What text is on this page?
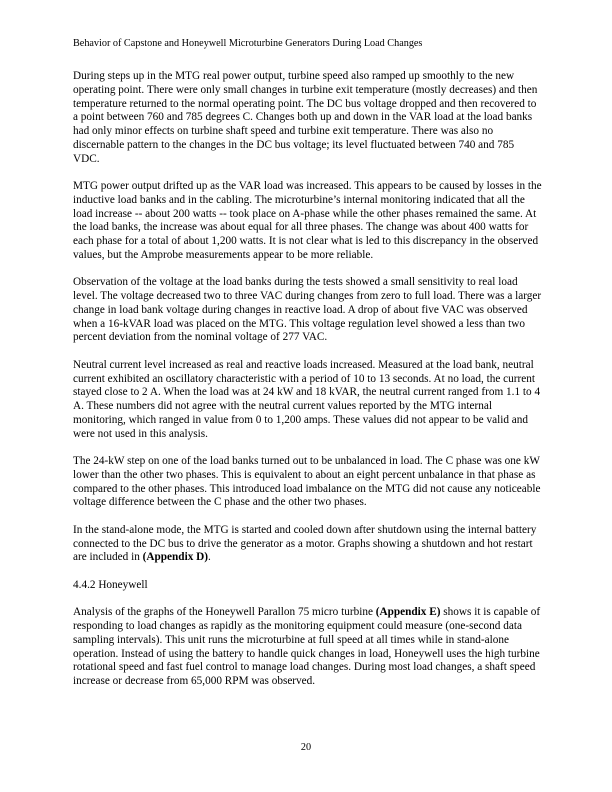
Behavior of Capstone and Honeywell Microturbine Generators During Load Changes

During steps up in the MTG real power output, turbine speed also ramped up smoothly to the new operating point. There were only small changes in turbine exit temperature (mostly decreases) and then temperature returned to the normal operating point. The DC bus voltage dropped and then recovered to a point between 760 and 785 degrees C. Changes both up and down in the VAR load at the load banks had only minor effects on turbine shaft speed and turbine exit temperature. There was also no discernable pattern to the changes in the DC bus voltage; its level fluctuated between 740 and 785 VDC.

MTG power output drifted up as the VAR load was increased. This appears to be caused by losses in the inductive load banks and in the cabling. The microturbine’s internal monitoring indicated that all the load increase -- about 200 watts -- took place on A-phase while the other phases remained the same. At the load banks, the increase was about equal for all three phases. The change was about 400 watts for each phase for a total of about 1,200 watts. It is not clear what is led to this discrepancy in the observed values, but the Amprobe measurements appear to be more reliable.

Observation of the voltage at the load banks during the tests showed a small sensitivity to real load level. The voltage decreased two to three VAC during changes from zero to full load. There was a larger change in load bank voltage during changes in reactive load. A drop of about five VAC was observed when a 16-kVAR load was placed on the MTG. This voltage regulation level showed a less than two percent deviation from the nominal voltage of 277 VAC.

Neutral current level increased as real and reactive loads increased. Measured at the load bank, neutral current exhibited an oscillatory characteristic with a period of 10 to 13 seconds. At no load, the current stayed close to 2 A. When the load was at 24 kW and 18 kVAR, the neutral current ranged from 1.1 to 4 A. These numbers did not agree with the neutral current values reported by the MTG internal monitoring, which ranged in value from 0 to 1,200 amps. These values did not appear to be valid and were not used in this analysis.

The 24-kW step on one of the load banks turned out to be unbalanced in load. The C phase was one kW lower than the other two phases. This is equivalent to about an eight percent unbalance in that phase as compared to the other phases. This introduced load imbalance on the MTG did not cause any noticeable voltage difference between the C phase and the other two phases.

In the stand-alone mode, the MTG is started and cooled down after shutdown using the internal battery connected to the DC bus to drive the generator as a motor. Graphs showing a shutdown and hot restart are included in (Appendix D).

4.4.2 Honeywell

Analysis of the graphs of the Honeywell Parallon 75 micro turbine (Appendix E) shows it is capable of responding to load changes as rapidly as the monitoring equipment could measure (one-second data sampling intervals). This unit runs the microturbine at full speed at all times while in stand-alone operation. Instead of using the battery to handle quick changes in load, Honeywell uses the high turbine rotational speed and fast fuel control to manage load changes. During most load changes, a shaft speed increase or decrease from 65,000 RPM was observed.

20
